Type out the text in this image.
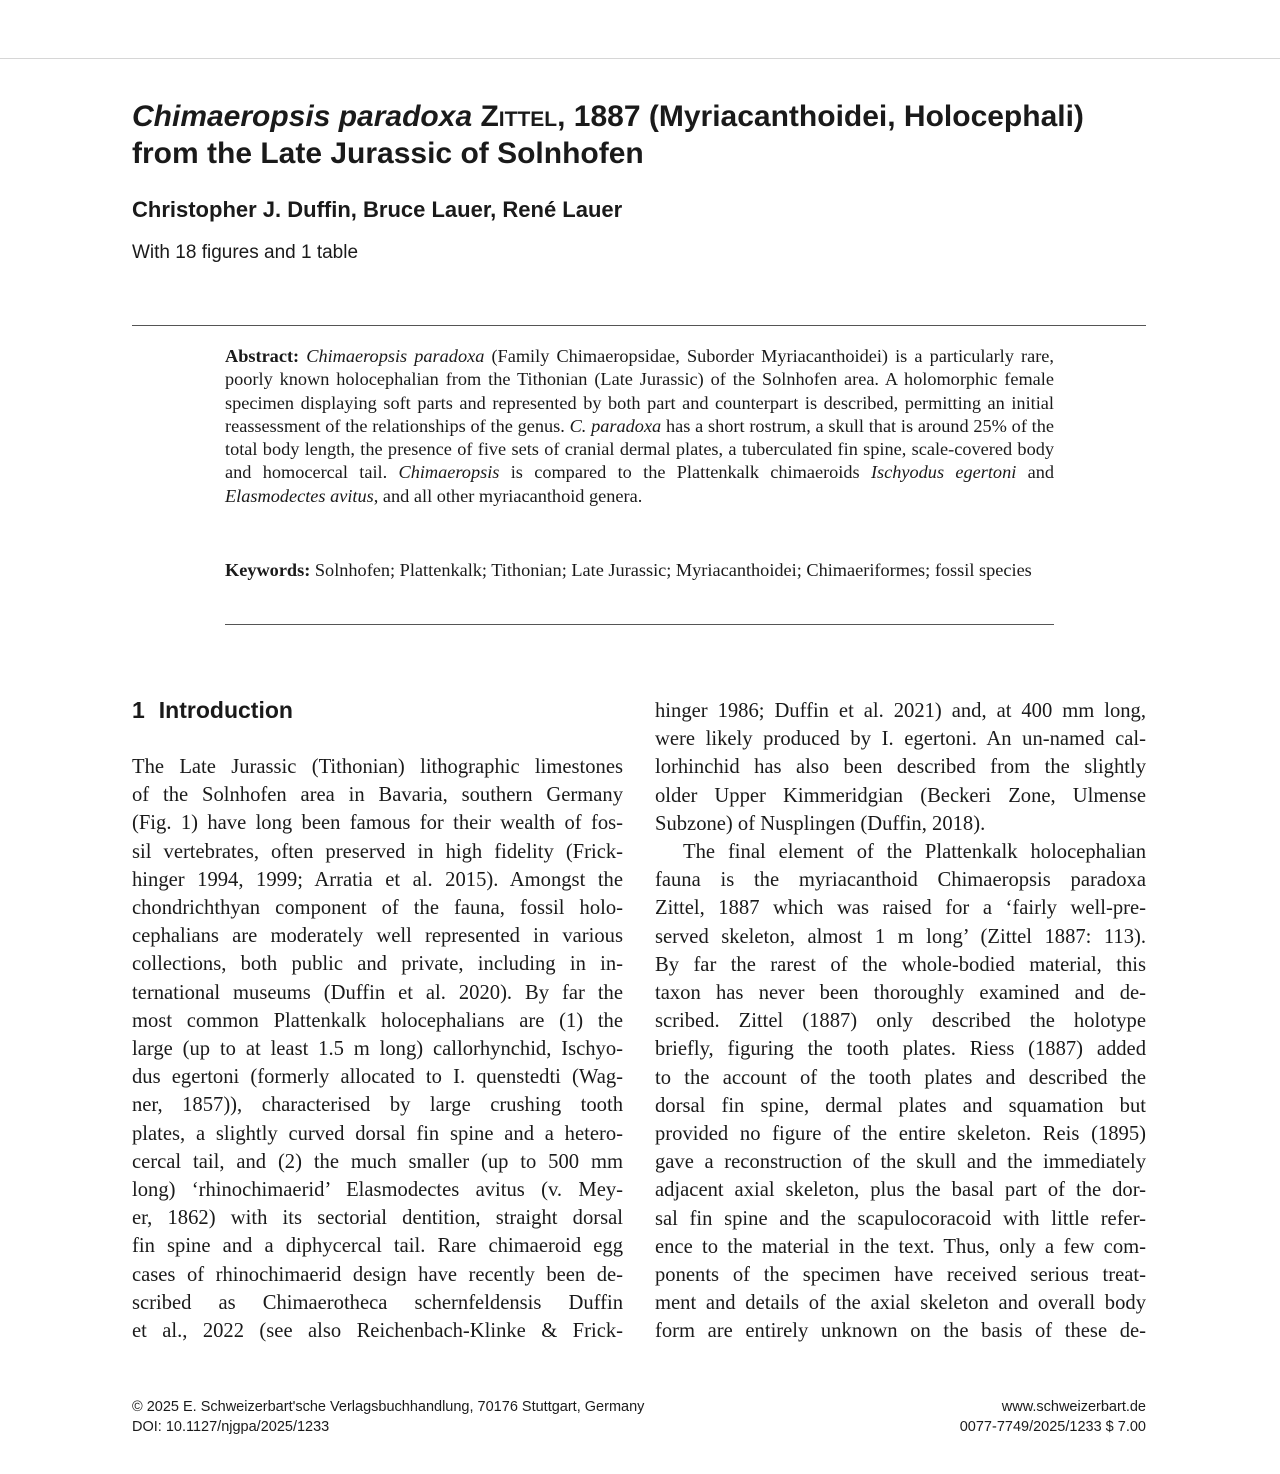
Chimaeropsis paradoxa Zittel, 1887 (Myriacanthoidei, Holocephali)
from the Late Jurassic of Solnhofen
Christopher J. Duffin, Bruce Lauer, René Lauer
With 18 figures and 1 table
Abstract: Chimaeropsis paradoxa (Family Chimaeropsidae, Suborder Myriacanthoidei) is a particularly rare, poorly known holocephalian from the Tithonian (Late Jurassic) of the Solnhofen area. A holomorphic female specimen displaying soft parts and represented by both part and counterpart is described, permitting an initial reassessment of the relationships of the genus. C. paradoxa has a short rostrum, a skull that is around 25% of the total body length, the presence of five sets of cranial dermal plates, a tuberculated fin spine, scale-covered body and homocercal tail. Chimaeropsis is compared to the Plattenkalk chimaeroids Ischyodus egertoni and Elasmodectes avitus, and all other myriacanthoid genera.
Keywords: Solnhofen; Plattenkalk; Tithonian; Late Jurassic; Myriacanthoidei; Chimaeriformes; fossil species
1 Introduction

The Late Jurassic (Tithonian) lithographic limestones
of the Solnhofen area in Bavaria, southern Germany
(Fig. 1) have long been famous for their wealth of fos-
sil vertebrates, often preserved in high fidelity (Frick-
hinger 1994, 1999; Arratia et al. 2015). Amongst the
chondrichthyan component of the fauna, fossil holo-
cephalians are moderately well represented in various
collections, both public and private, including in in-
ternational museums (Duffin et al. 2020). By far the
most common Plattenkalk holocephalians are (1) the
large (up to at least 1.5 m long) callorhynchid, Ischyo-
dus egertoni (formerly allocated to I. quenstedti (Wag-
ner, 1857)), characterised by large crushing tooth
plates, a slightly curved dorsal fin spine and a hetero-
cercal tail, and (2) the much smaller (up to 500 mm
long) ‘rhinochimaerid’ Elasmodectes avitus (v. Mey-
er, 1862) with its sectorial dentition, straight dorsal
fin spine and a diphycercal tail. Rare chimaeroid egg
cases of rhinochimaerid design have recently been de-
scribed as Chimaerotheca schernfeldensis Duffin
et al., 2022 (see also Reichenbach-Klinke & Frick-

hinger 1986; Duffin et al. 2021) and, at 400 mm long,
were likely produced by I. egertoni. An un-named cal-
lorhinchid has also been described from the slightly
older Upper Kimmeridgian (Beckeri Zone, Ulmense
Subzone) of Nusplingen (Duffin, 2018).

The final element of the Plattenkalk holocephalian
fauna is the myriacanthoid Chimaeropsis paradoxa
Zittel, 1887 which was raised for a ‘fairly well-pre-
served skeleton, almost 1 m long’ (Zittel 1887: 113).
By far the rarest of the whole-bodied material, this
taxon has never been thoroughly examined and de-
scribed. Zittel (1887) only described the holotype
briefly, figuring the tooth plates. Riess (1887) added
to the account of the tooth plates and described the
dorsal fin spine, dermal plates and squamation but
provided no figure of the entire skeleton. Reis (1895)
gave a reconstruction of the skull and the immediately
adjacent axial skeleton, plus the basal part of the dor-
sal fin spine and the scapulocoracoid with little refer-
ence to the material in the text. Thus, only a few com-
ponents of the specimen have received serious treat-
ment and details of the axial skeleton and overall body
form are entirely unknown on the basis of these de-

© 2025 E. Schweizerbart'sche Verlagsbuchhandlung, 70176 Stuttgart, Germany
DOI: 10.1127/njgpa/2025/1233
www.schweizerbart.de
0077-7749/2025/1233 $ 7.00
